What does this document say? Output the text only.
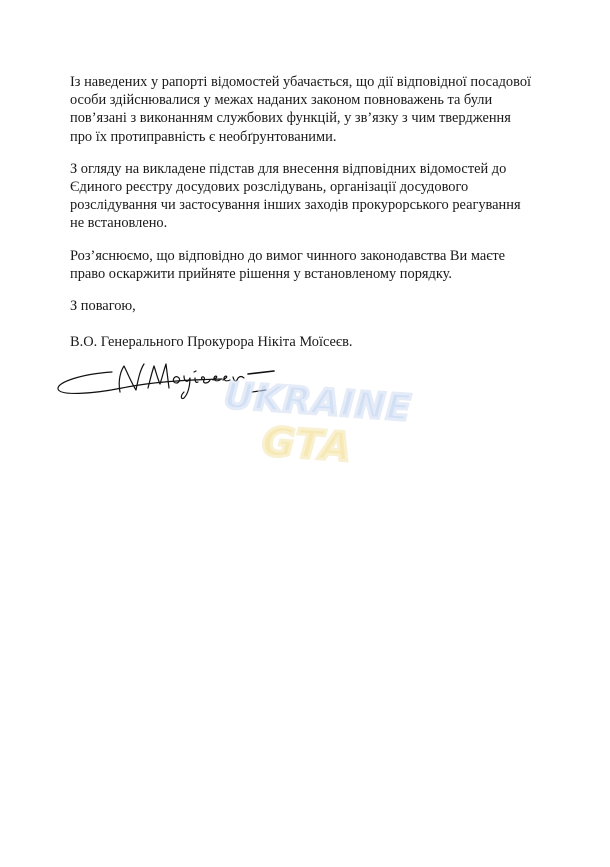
Із наведених у рапорті відомостей убачається, що дії відповідної посадової
особи здійснювалися у межах наданих законом повноважень та були
пов’язані з виконанням службових функцій, у зв’язку з чим твердження
про їх протиправність є необґрунтованими.

З огляду на викладене підстав для внесення відповідних відомостей до
Єдиного реєстру досудових розслідувань, організації досудового
розслідування чи застосування інших заходів прокурорського реагування
не встановлено.

Роз’яснюємо, що відповідно до вимог чинного законодавства Ви маєте
право оскаржити прийняте рішення у встановленому порядку.

З повагою,

В.О. Генерального Прокурора Нікіта Моїсеєв.

UKRAINE
GTA
